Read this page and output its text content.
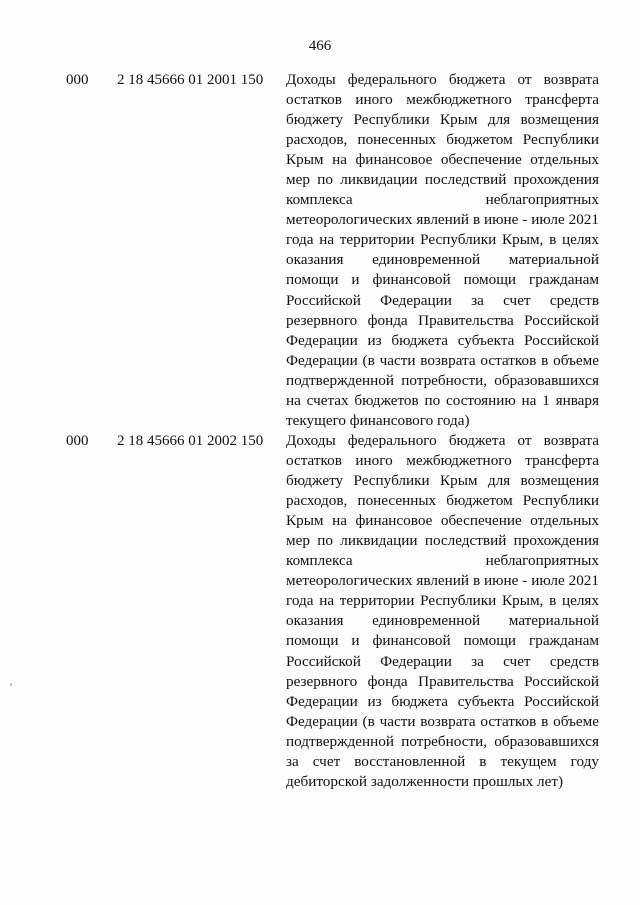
466
000 2 18 45666 01 2001 150 Доходы федерального бюджета от возврата остатков иного межбюджетного трансферта бюджету Республики Крым для возмещения расходов, понесенных бюджетом Республики Крым на финансовое обеспечение отдельных мер по ликвидации последствий прохождения комплекса неблагоприятных метеорологических явлений в июне - июле 2021 года на территории Республики Крым, в целях оказания единовременной материальной помощи и финансовой помощи гражданам Российской Федерации за счет средств резервного фонда Правительства Российской Федерации из бюджета субъекта Российской Федерации (в части возврата остатков в объеме подтвержденной потребности, образовавшихся на счетах бюджетов по состоянию на 1 января текущего финансового года)

000 2 18 45666 01 2002 150 Доходы федерального бюджета от возврата остатков иного межбюджетного трансферта бюджету Республики Крым для возмещения расходов, понесенных бюджетом Республики Крым на финансовое обеспечение отдельных мер по ликвидации последствий прохождения комплекса неблагоприятных метеорологических явлений в июне - июле 2021 года на территории Республики Крым, в целях оказания единовременной материальной помощи и финансовой помощи гражданам Российской Федерации за счет средств резервного фонда Правительства Российской Федерации из бюджета субъекта Российской Федерации (в части возврата остатков в объеме подтвержденной потребности, образовавшихся за счет восстановленной в текущем году дебиторской задолженности прошлых лет)
